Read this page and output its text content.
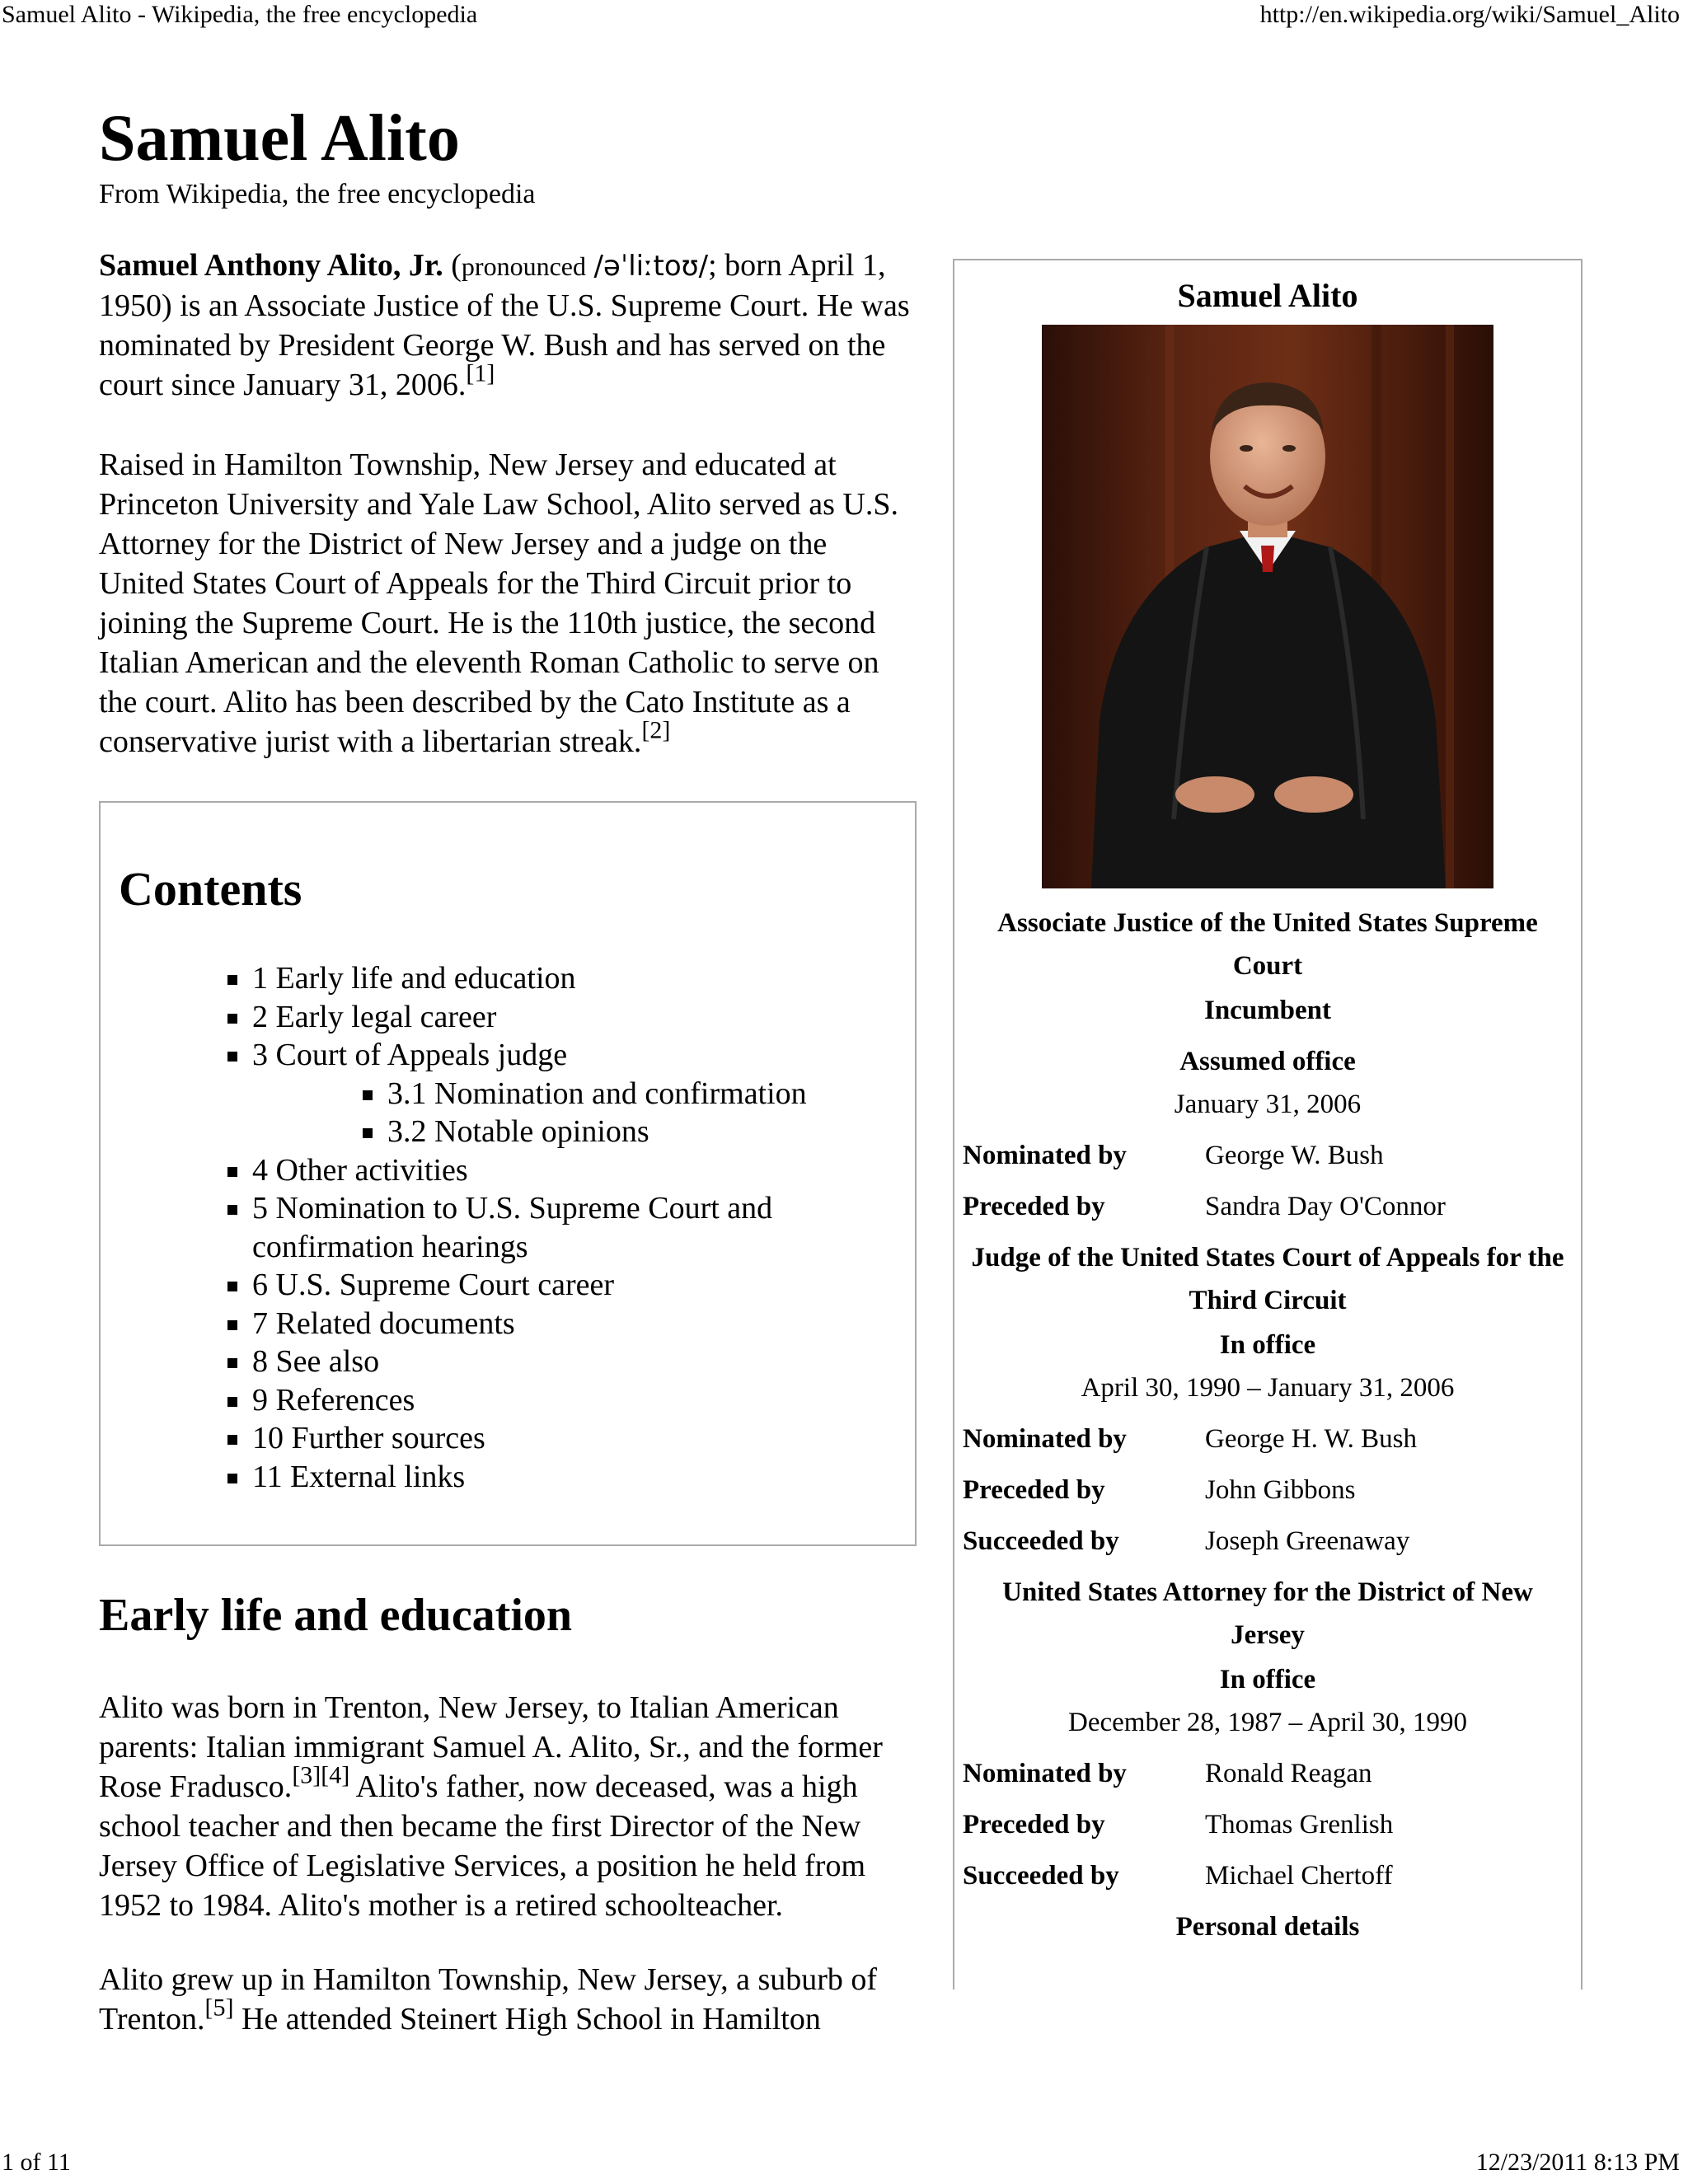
Samuel Alito - Wikipedia, the free encyclopedia	http://en.wikipedia.org/wiki/Samuel_Alito
Samuel Alito
From Wikipedia, the free encyclopedia

Samuel Anthony Alito, Jr. (pronounced /əˈliːtoʊ/; born April 1, 1950) is an Associate Justice of the U.S. Supreme Court. He was nominated by President George W. Bush and has served on the court since January 31, 2006.[1]

Raised in Hamilton Township, New Jersey and educated at Princeton University and Yale Law School, Alito served as U.S. Attorney for the District of New Jersey and a judge on the United States Court of Appeals for the Third Circuit prior to joining the Supreme Court. He is the 110th justice, the second Italian American and the eleventh Roman Catholic to serve on the court. Alito has been described by the Cato Institute as a conservative jurist with a libertarian streak.[2]

Contents
1 Early life and education
2 Early legal career
3 Court of Appeals judge
3.1 Nomination and confirmation
3.2 Notable opinions
4 Other activities
5 Nomination to U.S. Supreme Court and confirmation hearings
6 U.S. Supreme Court career
7 Related documents
8 See also
9 References
10 Further sources
11 External links
Early life and education

Alito was born in Trenton, New Jersey, to Italian American parents: Italian immigrant Samuel A. Alito, Sr., and the former Rose Fradusco.[3][4] Alito's father, now deceased, was a high school teacher and then became the first Director of the New Jersey Office of Legislative Services, a position he held from 1952 to 1984. Alito's mother is a retired schoolteacher.

Alito grew up in Hamilton Township, New Jersey, a suburb of Trenton.[5] He attended Steinert High School in Hamilton

Samuel Alito
Associate Justice of the United States Supreme Court
Incumbent
Assumed office
January 31, 2006
Nominated by	George W. Bush
Preceded by	Sandra Day O'Connor
Judge of the United States Court of Appeals for the Third Circuit
In office
April 30, 1990 – January 31, 2006
Nominated by	George H. W. Bush
Preceded by	John Gibbons
Succeeded by	Joseph Greenaway
United States Attorney for the District of New Jersey
In office
December 28, 1987 – April 30, 1990
Nominated by	Ronald Reagan
Preceded by	Thomas Grenlish
Succeeded by	Michael Chertoff
Personal details
1 of 11	12/23/2011 8:13 PM
